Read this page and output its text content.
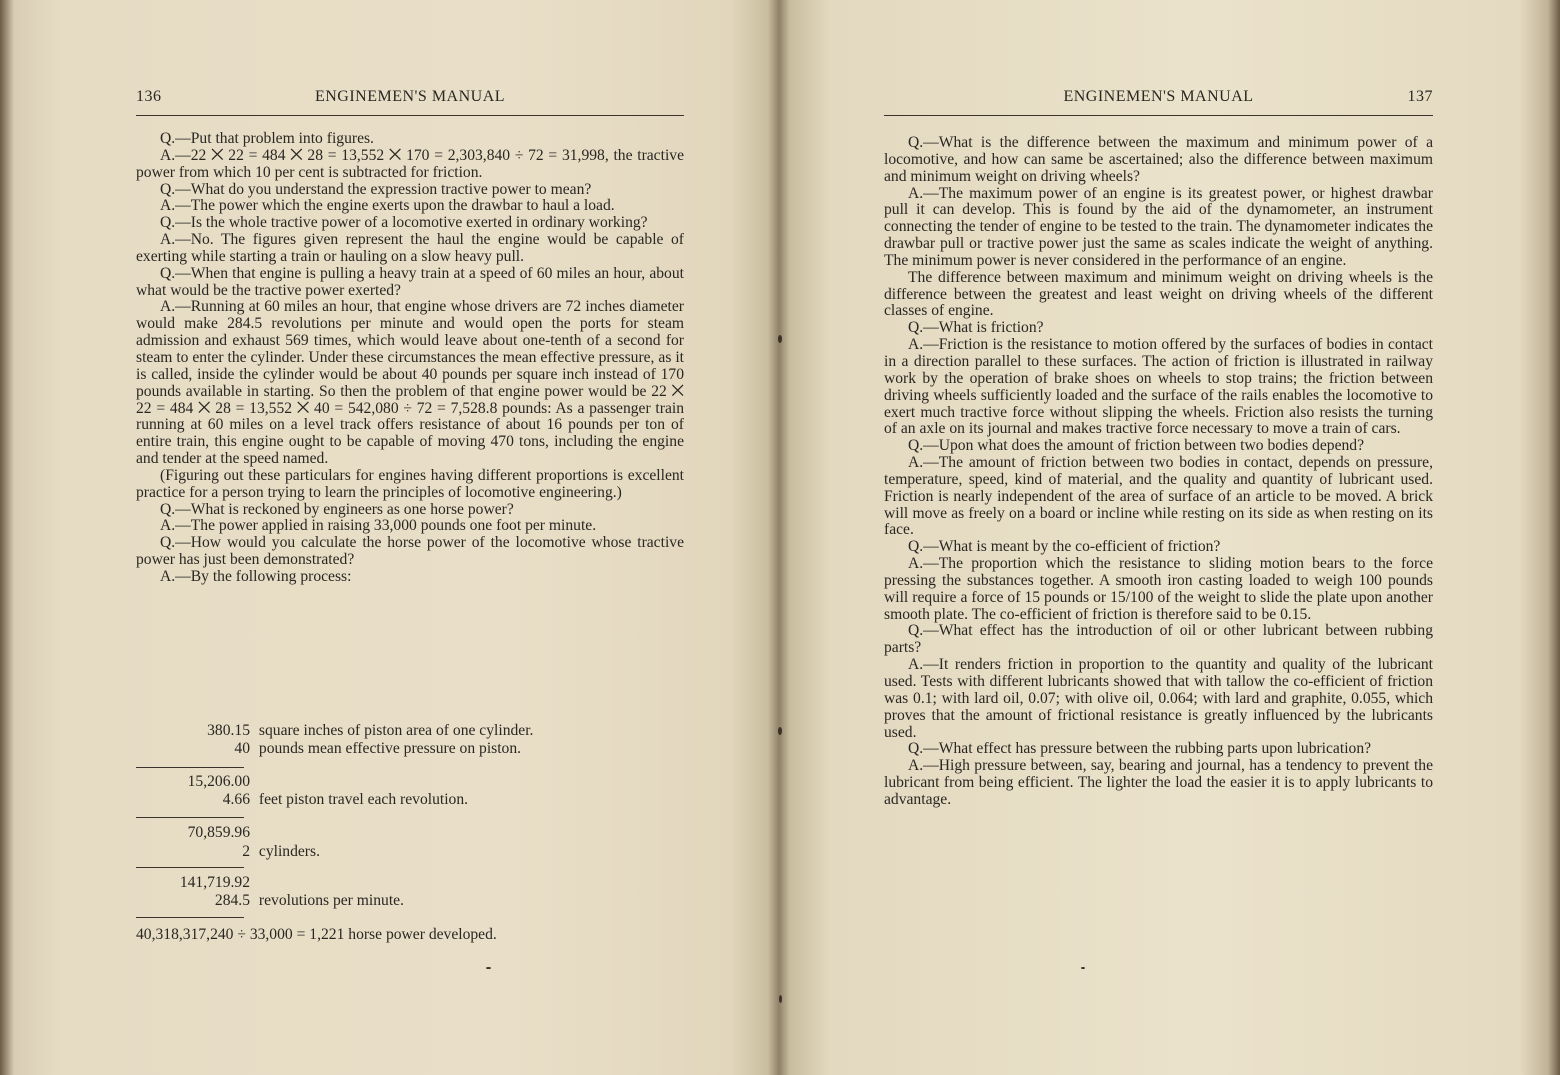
136	ENGINEMEN'S MANUAL

Q.—Put that problem into figures.

A.—22 ⨉ 22 = 484 ⨉ 28 = 13,552 ⨉ 170 = 2,303,840 ÷ 72 = 31,998, the tractive power from which 10 per cent is subtracted for friction.

Q.—What do you understand the expression tractive power to mean?

A.—The power which the engine exerts upon the drawbar to haul a load.

Q.—Is the whole tractive power of a locomotive exerted in ordinary working?

A.—No. The figures given represent the haul the engine would be capable of exerting while starting a train or hauling on a slow heavy pull.

Q.—When that engine is pulling a heavy train at a speed of 60 miles an hour, about what would be the tractive power exerted?

A.—Running at 60 miles an hour, that engine whose drivers are 72 inches diameter would make 284.5 revolutions per minute and would open the ports for steam admission and exhaust 569 times, which would leave about one-tenth of a second for steam to enter the cylinder. Under these circumstances the mean effective pressure, as it is called, inside the cylinder would be about 40 pounds per square inch instead of 170 pounds available in starting. So then the problem of that engine power would be 22 ⨉ 22 = 484 ⨉ 28 = 13,552 ⨉ 40 = 542,080 ÷ 72 = 7,528.8 pounds: As a passenger train running at 60 miles on a level track offers resistance of about 16 pounds per ton of entire train, this engine ought to be capable of moving 470 tons, including the engine and tender at the speed named.

(Figuring out these particulars for engines having different proportions is excellent practice for a person trying to learn the principles of locomotive engineering.)

Q.—What is reckoned by engineers as one horse power?

A.—The power applied in raising 33,000 pounds one foot per minute.

Q.—How would you calculate the horse power of the locomotive whose tractive power has just been demonstrated?

A.—By the following process:

380.15 square inches of piston area of one cylinder.
40 pounds mean effective pressure on piston.
15,206.00
4.66 feet piston travel each revolution.
70,859.96
2 cylinders.
141,719.92
284.5 revolutions per minute.
40,318,317,240 ÷ 33,000 = 1,221 horse power developed.
ENGINEMEN'S MANUAL	137

Q.—What is the difference between the maximum and minimum power of a locomotive, and how can same be ascertained; also the difference between maximum and minimum weight on driving wheels?

A.—The maximum power of an engine is its greatest power, or highest drawbar pull it can develop. This is found by the aid of the dynamometer, an instrument connecting the tender of engine to be tested to the train. The dynamometer indicates the drawbar pull or tractive power just the same as scales indicate the weight of anything. The minimum power is never considered in the performance of an engine.

The difference between maximum and minimum weight on driving wheels is the difference between the greatest and least weight on driving wheels of the different classes of engine.

Q.—What is friction?

A.—Friction is the resistance to motion offered by the surfaces of bodies in contact in a direction parallel to these surfaces. The action of friction is illustrated in railway work by the operation of brake shoes on wheels to stop trains; the friction between driving wheels sufficiently loaded and the surface of the rails enables the locomotive to exert much tractive force without slipping the wheels. Friction also resists the turning of an axle on its journal and makes tractive force necessary to move a train of cars.

Q.—Upon what does the amount of friction between two bodies depend?

A.—The amount of friction between two bodies in contact, depends on pressure, temperature, speed, kind of material, and the quality and quantity of lubricant used. Friction is nearly independent of the area of surface of an article to be moved. A brick will move as freely on a board or incline while resting on its side as when resting on its face.

Q.—What is meant by the co-efficient of friction?

A.—The proportion which the resistance to sliding motion bears to the force pressing the substances together. A smooth iron casting loaded to weigh 100 pounds will require a force of 15 pounds or 15/100 of the weight to slide the plate upon another smooth plate. The co-efficient of friction is therefore said to be 0.15.

Q.—What effect has the introduction of oil or other lubricant between rubbing parts?

A.—It renders friction in proportion to the quantity and quality of the lubricant used. Tests with different lubricants showed that with tallow the co-efficient of friction was 0.1; with lard oil, 0.07; with olive oil, 0.064; with lard and graphite, 0.055, which proves that the amount of frictional resistance is greatly influenced by the lubricants used.

Q.—What effect has pressure between the rubbing parts upon lubrication?

A.—High pressure between, say, bearing and journal, has a tendency to prevent the lubricant from being efficient. The lighter the load the easier it is to apply lubricants to advantage.
